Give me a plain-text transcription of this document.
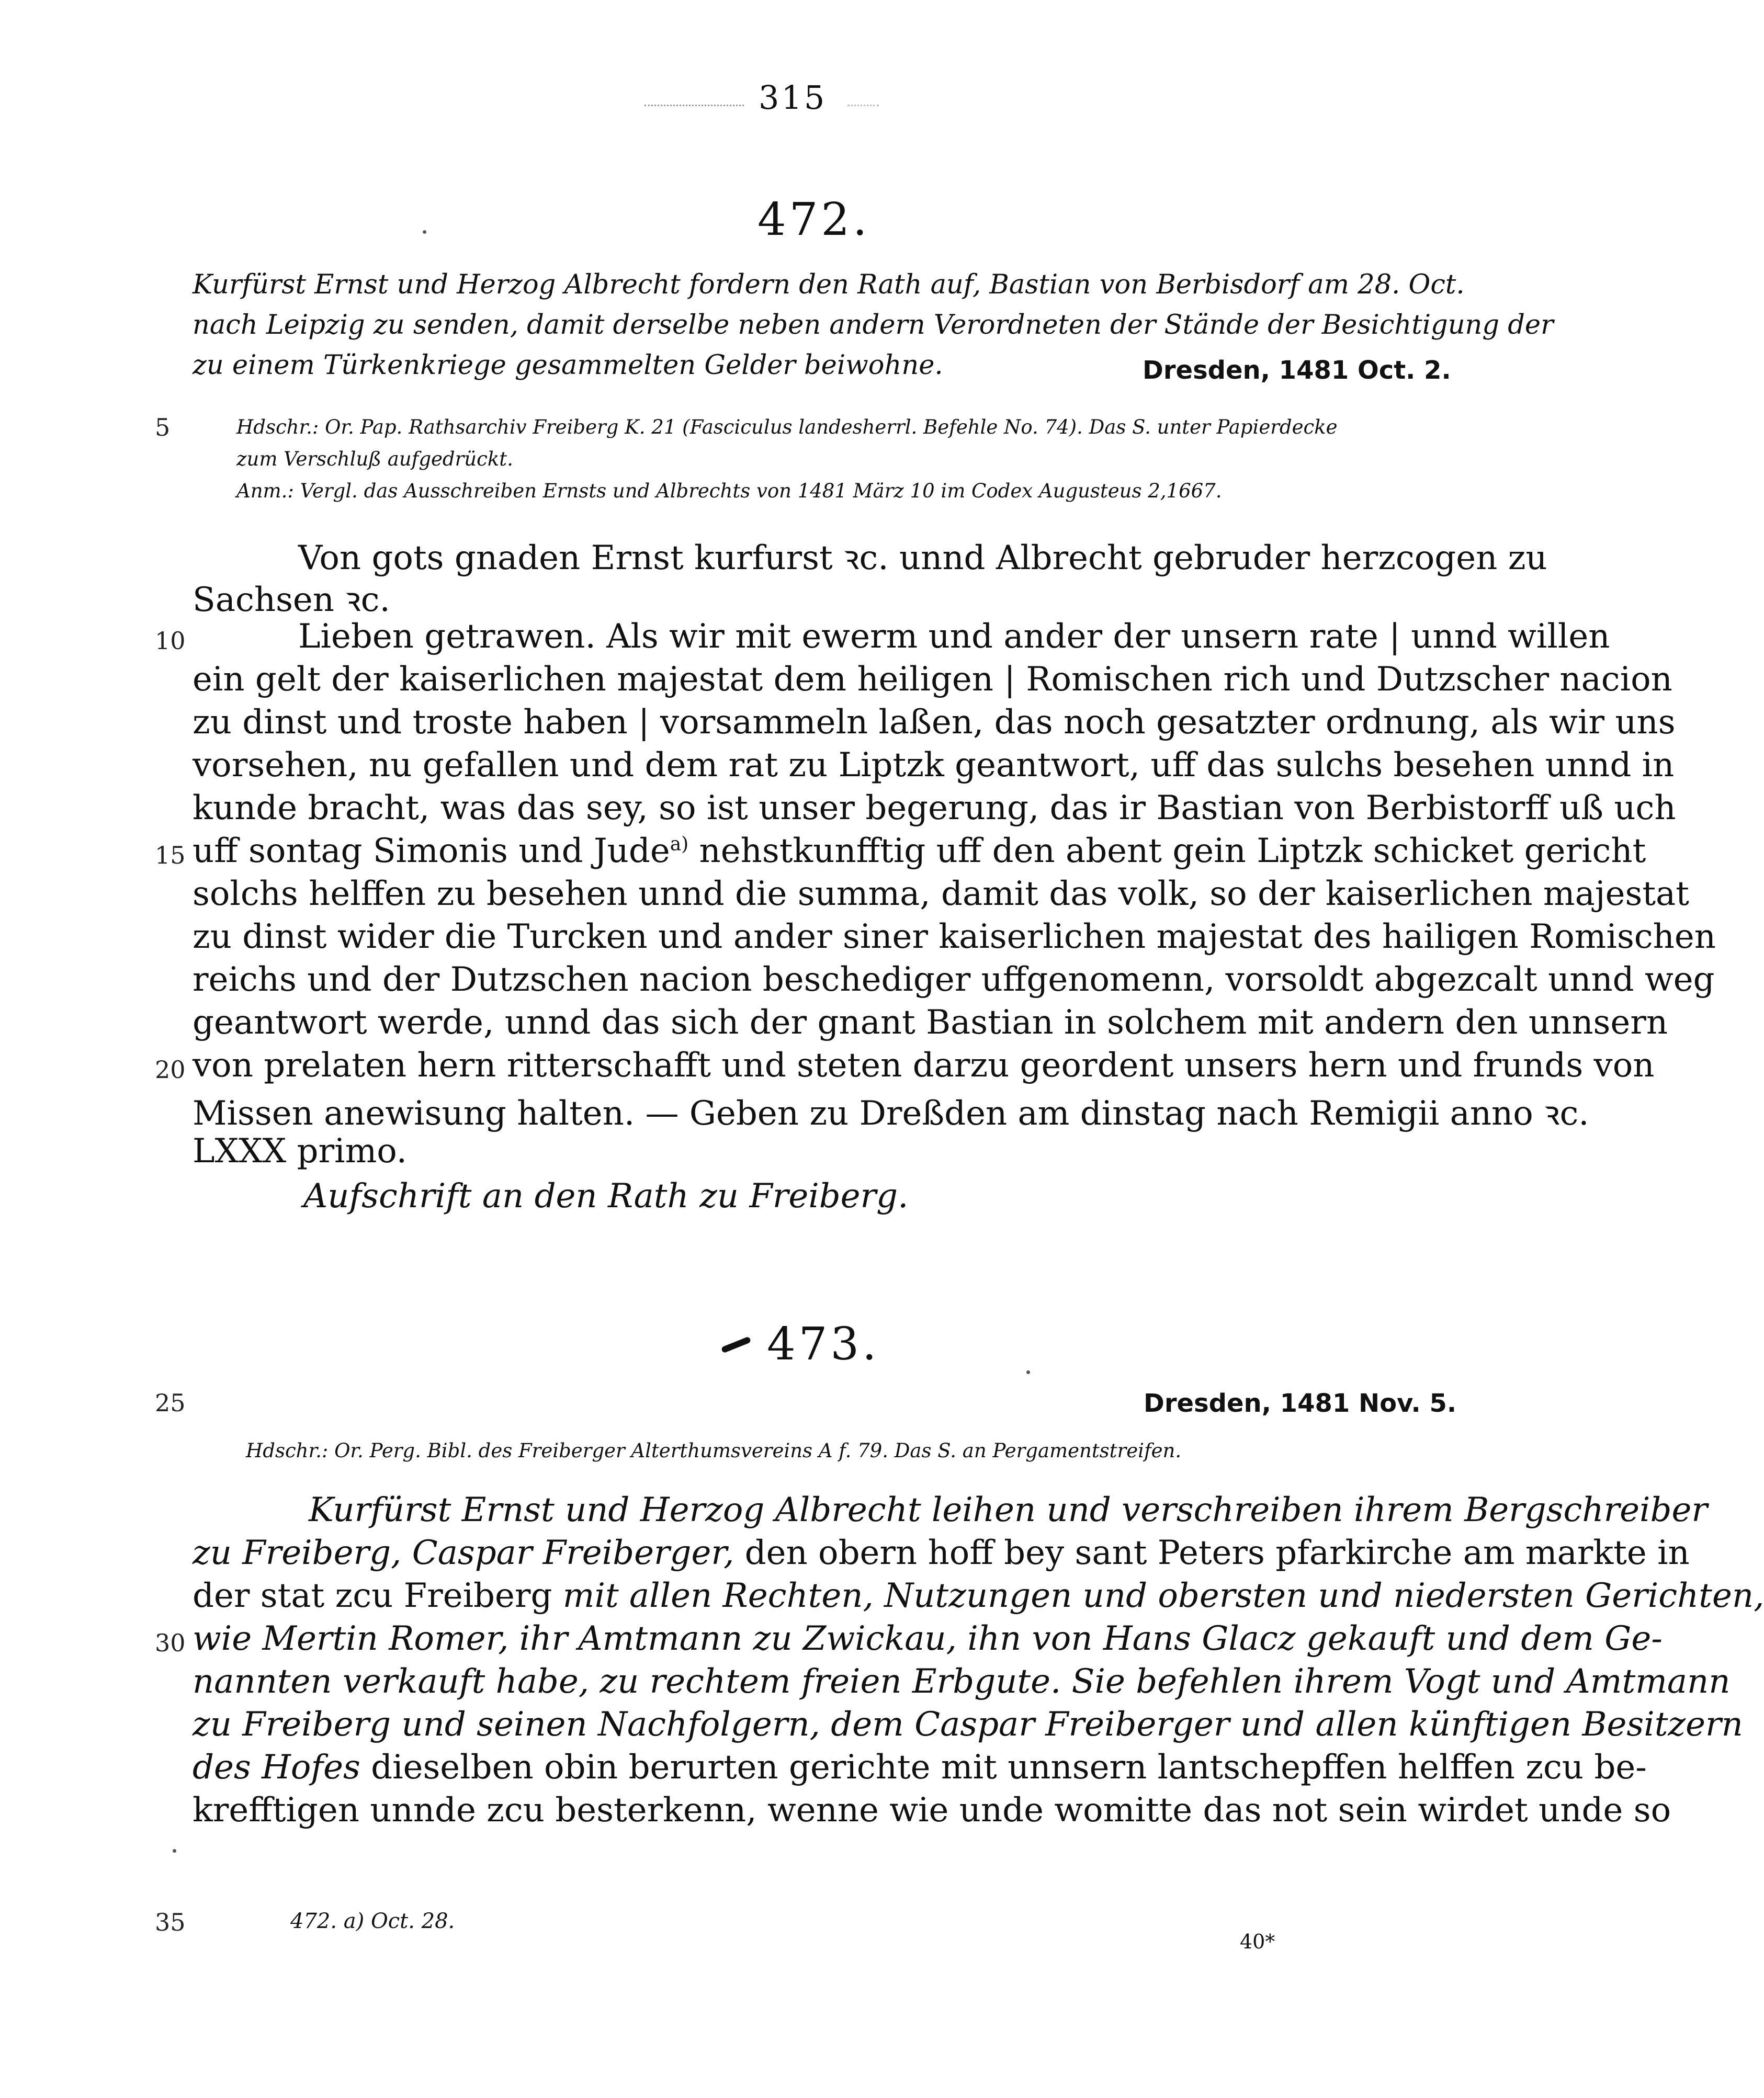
315
472.
Kurfürst Ernst und Herzog Albrecht fordern den Rath auf, Bastian von Berbisdorf am 28. Oct.
nach Leipzig zu senden, damit derselbe neben andern Verordneten der Stände der Besichtigung der
zu einem Türkenkriege gesammelten Gelder beiwohne.	Dresden, 1481 Oct. 2.
5	Hdschr.: Or. Pap. Rathsarchiv Freiberg K. 21 (Fasciculus landesherrl. Befehle No. 74). Das S. unter Papierdecke
zum Verschluß aufgedrückt.
Anm.: Vergl. das Ausschreiben Ernsts und Albrechts von 1481 März 10 im Codex Augusteus 2,1667.
Von gots gnaden Ernst kurfurst ꝛc. unnd Albrecht gebruder herzcogen zu
Sachsen ꝛc.
10	Lieben getrawen. Als wir mit ewerm und ander der unsern rate | unnd willen
ein gelt der kaiserlichen majestat dem heiligen | Romischen rich und Dutzscher nacion
zu dinst und troste haben | vorsammeln laßen, das noch gesatzter ordnung, als wir uns
vorsehen, nu gefallen und dem rat zu Liptzk geantwort, uff das sulchs besehen unnd in
kunde bracht, was das sey, so ist unser begerung, das ir Bastian von Berbistorff uß uch
15 uff sontag Simonis und Jude$^{a)}$ nehstkunfftig uff den abent gein Liptzk schicket gericht
solchs helffen zu besehen unnd die summa, damit das volk, so der kaiserlichen majestat
zu dinst wider die Turcken und ander siner kaiserlichen majestat des hailigen Romischen
reichs und der Dutzschen nacion beschediger uffgenomenn, vorsoldt abgezcalt unnd weg
geantwort werde, unnd das sich der gnant Bastian in solchem mit andern den unnsern
20 von prelaten hern ritterschafft und steten darzu geordent unsers hern und frunds von
Missen anewisung halten. — Geben zu Dreßden am dinstag nach Remigii anno ꝛc.
LXXX primo.
Aufschrift an den Rath zu Freiberg.
473.
25	Dresden, 1481 Nov. 5.
Hdschr.: Or. Perg. Bibl. des Freiberger Alterthumsvereins A f. 79. Das S. an Pergamentstreifen.
Kurfürst Ernst und Herzog Albrecht leihen und verschreiben ihrem Bergschreiber
zu Freiberg, Caspar Freiberger, den obern hoff bey sant Peters pfarkirche am markte in
der stat zcu Freiberg mit allen Rechten, Nutzungen und obersten und niedersten Gerichten,
30 wie Mertin Romer, ihr Amtmann zu Zwickau, ihn von Hans Glacz gekauft und dem Ge-
nannten verkauft habe, zu rechtem freien Erbgute. Sie befehlen ihrem Vogt und Amtmann
zu Freiberg und seinen Nachfolgern, dem Caspar Freiberger und allen künftigen Besitzern
des Hofes dieselben obin berurten gerichte mit unnsern lantschepffen helffen zcu be-
krefftigen unnde zcu besterkenn, wenne wie unde womitte das not sein wirdet unde so
35	472. a) Oct. 28.
40*
